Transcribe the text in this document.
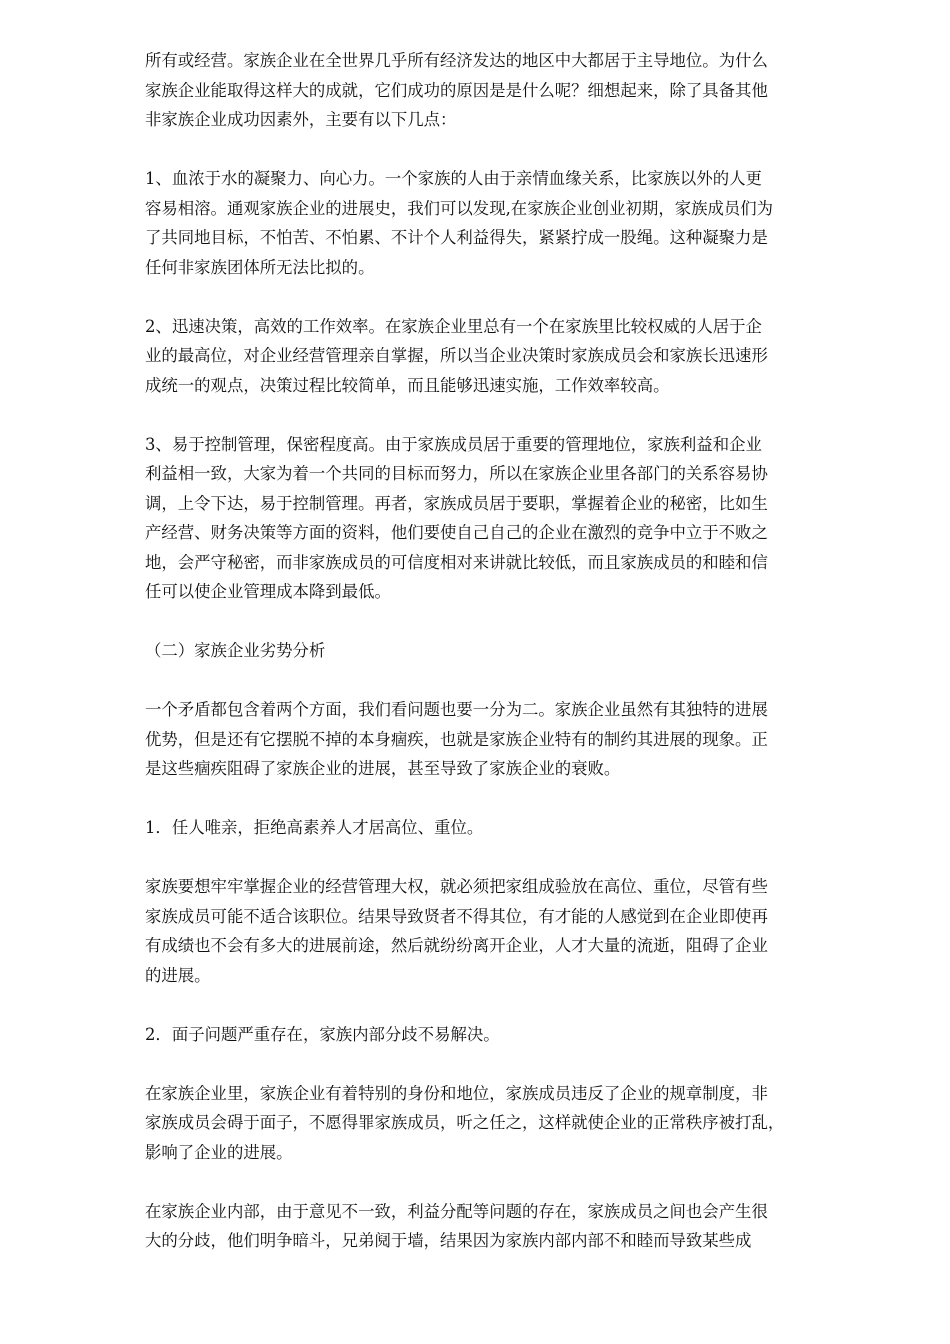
所有或经营。家族企业在全世界几乎所有经济发达的地区中大都居于主导地位。为什么
家族企业能取得这样大的成就，它们成功的原因是是什么呢？细想起来，除了具备其他
非家族企业成功因素外，主要有以下几点：
1、血浓于水的凝聚力、向心力。一个家族的人由于亲情血缘关系，比家族以外的人更
容易相溶。通观家族企业的进展史，我们可以发现,在家族企业创业初期，家族成员们为
了共同地目标，不怕苦、不怕累、不计个人利益得失，紧紧拧成一股绳。这种凝聚力是
任何非家族团体所无法比拟的。
2、迅速决策，高效的工作效率。在家族企业里总有一个在家族里比较权威的人居于企
业的最高位，对企业经营管理亲自掌握，所以当企业决策时家族成员会和家族长迅速形
成统一的观点，决策过程比较简单，而且能够迅速实施，工作效率较高。
3、易于控制管理，保密程度高。由于家族成员居于重要的管理地位，家族利益和企业
利益相一致，大家为着一个共同的目标而努力，所以在家族企业里各部门的关系容易协
调，上令下达，易于控制管理。再者，家族成员居于要职，掌握着企业的秘密，比如生
产经营、财务决策等方面的资料，他们要使自己自己的企业在激烈的竞争中立于不败之
地，会严守秘密，而非家族成员的可信度相对来讲就比较低，而且家族成员的和睦和信
任可以使企业管理成本降到最低。
（二）家族企业劣势分析
一个矛盾都包含着两个方面，我们看问题也要一分为二。家族企业虽然有其独特的进展
优势，但是还有它摆脱不掉的本身痼疾，也就是家族企业特有的制约其进展的现象。正
是这些痼疾阻碍了家族企业的进展，甚至导致了家族企业的衰败。
1．任人唯亲，拒绝高素养人才居高位、重位。
家族要想牢牢掌握企业的经营管理大权，就必须把家组成验放在高位、重位，尽管有些
家族成员可能不适合该职位。结果导致贤者不得其位，有才能的人感觉到在企业即使再
有成绩也不会有多大的进展前途，然后就纷纷离开企业，人才大量的流逝，阻碍了企业
的进展。
2．面子问题严重存在，家族内部分歧不易解决。
在家族企业里，家族企业有着特别的身份和地位，家族成员违反了企业的规章制度，非
家族成员会碍于面子，不愿得罪家族成员，听之任之，这样就使企业的正常秩序被打乱，
影响了企业的进展。
在家族企业内部，由于意见不一致，利益分配等问题的存在，家族成员之间也会产生很
大的分歧，他们明争暗斗，兄弟阋于墙，结果因为家族内部内部不和睦而导致某些成
